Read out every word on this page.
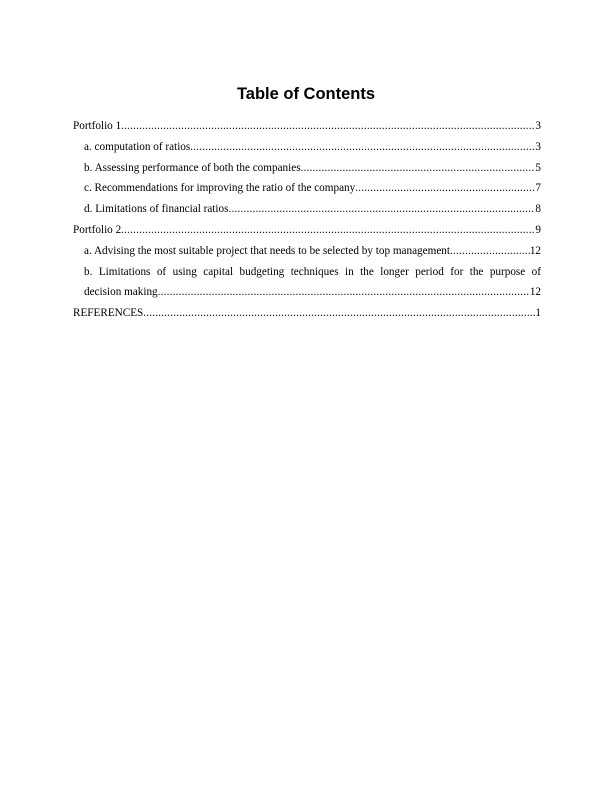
Table of Contents
Portfolio 1 .....	3
a. computation of ratios .....	3
b. Assessing performance of both the companies .....	5
c. Recommendations for improving the ratio of the company .....	7
d. Limitations of financial ratios .....	8
Portfolio 2 .....	9
a. Advising the most suitable project that needs to be selected by top management .....	12
b. Limitations of using capital budgeting techniques in the longer period for the purpose of
decision making .....	12
REFERENCES .....	1
